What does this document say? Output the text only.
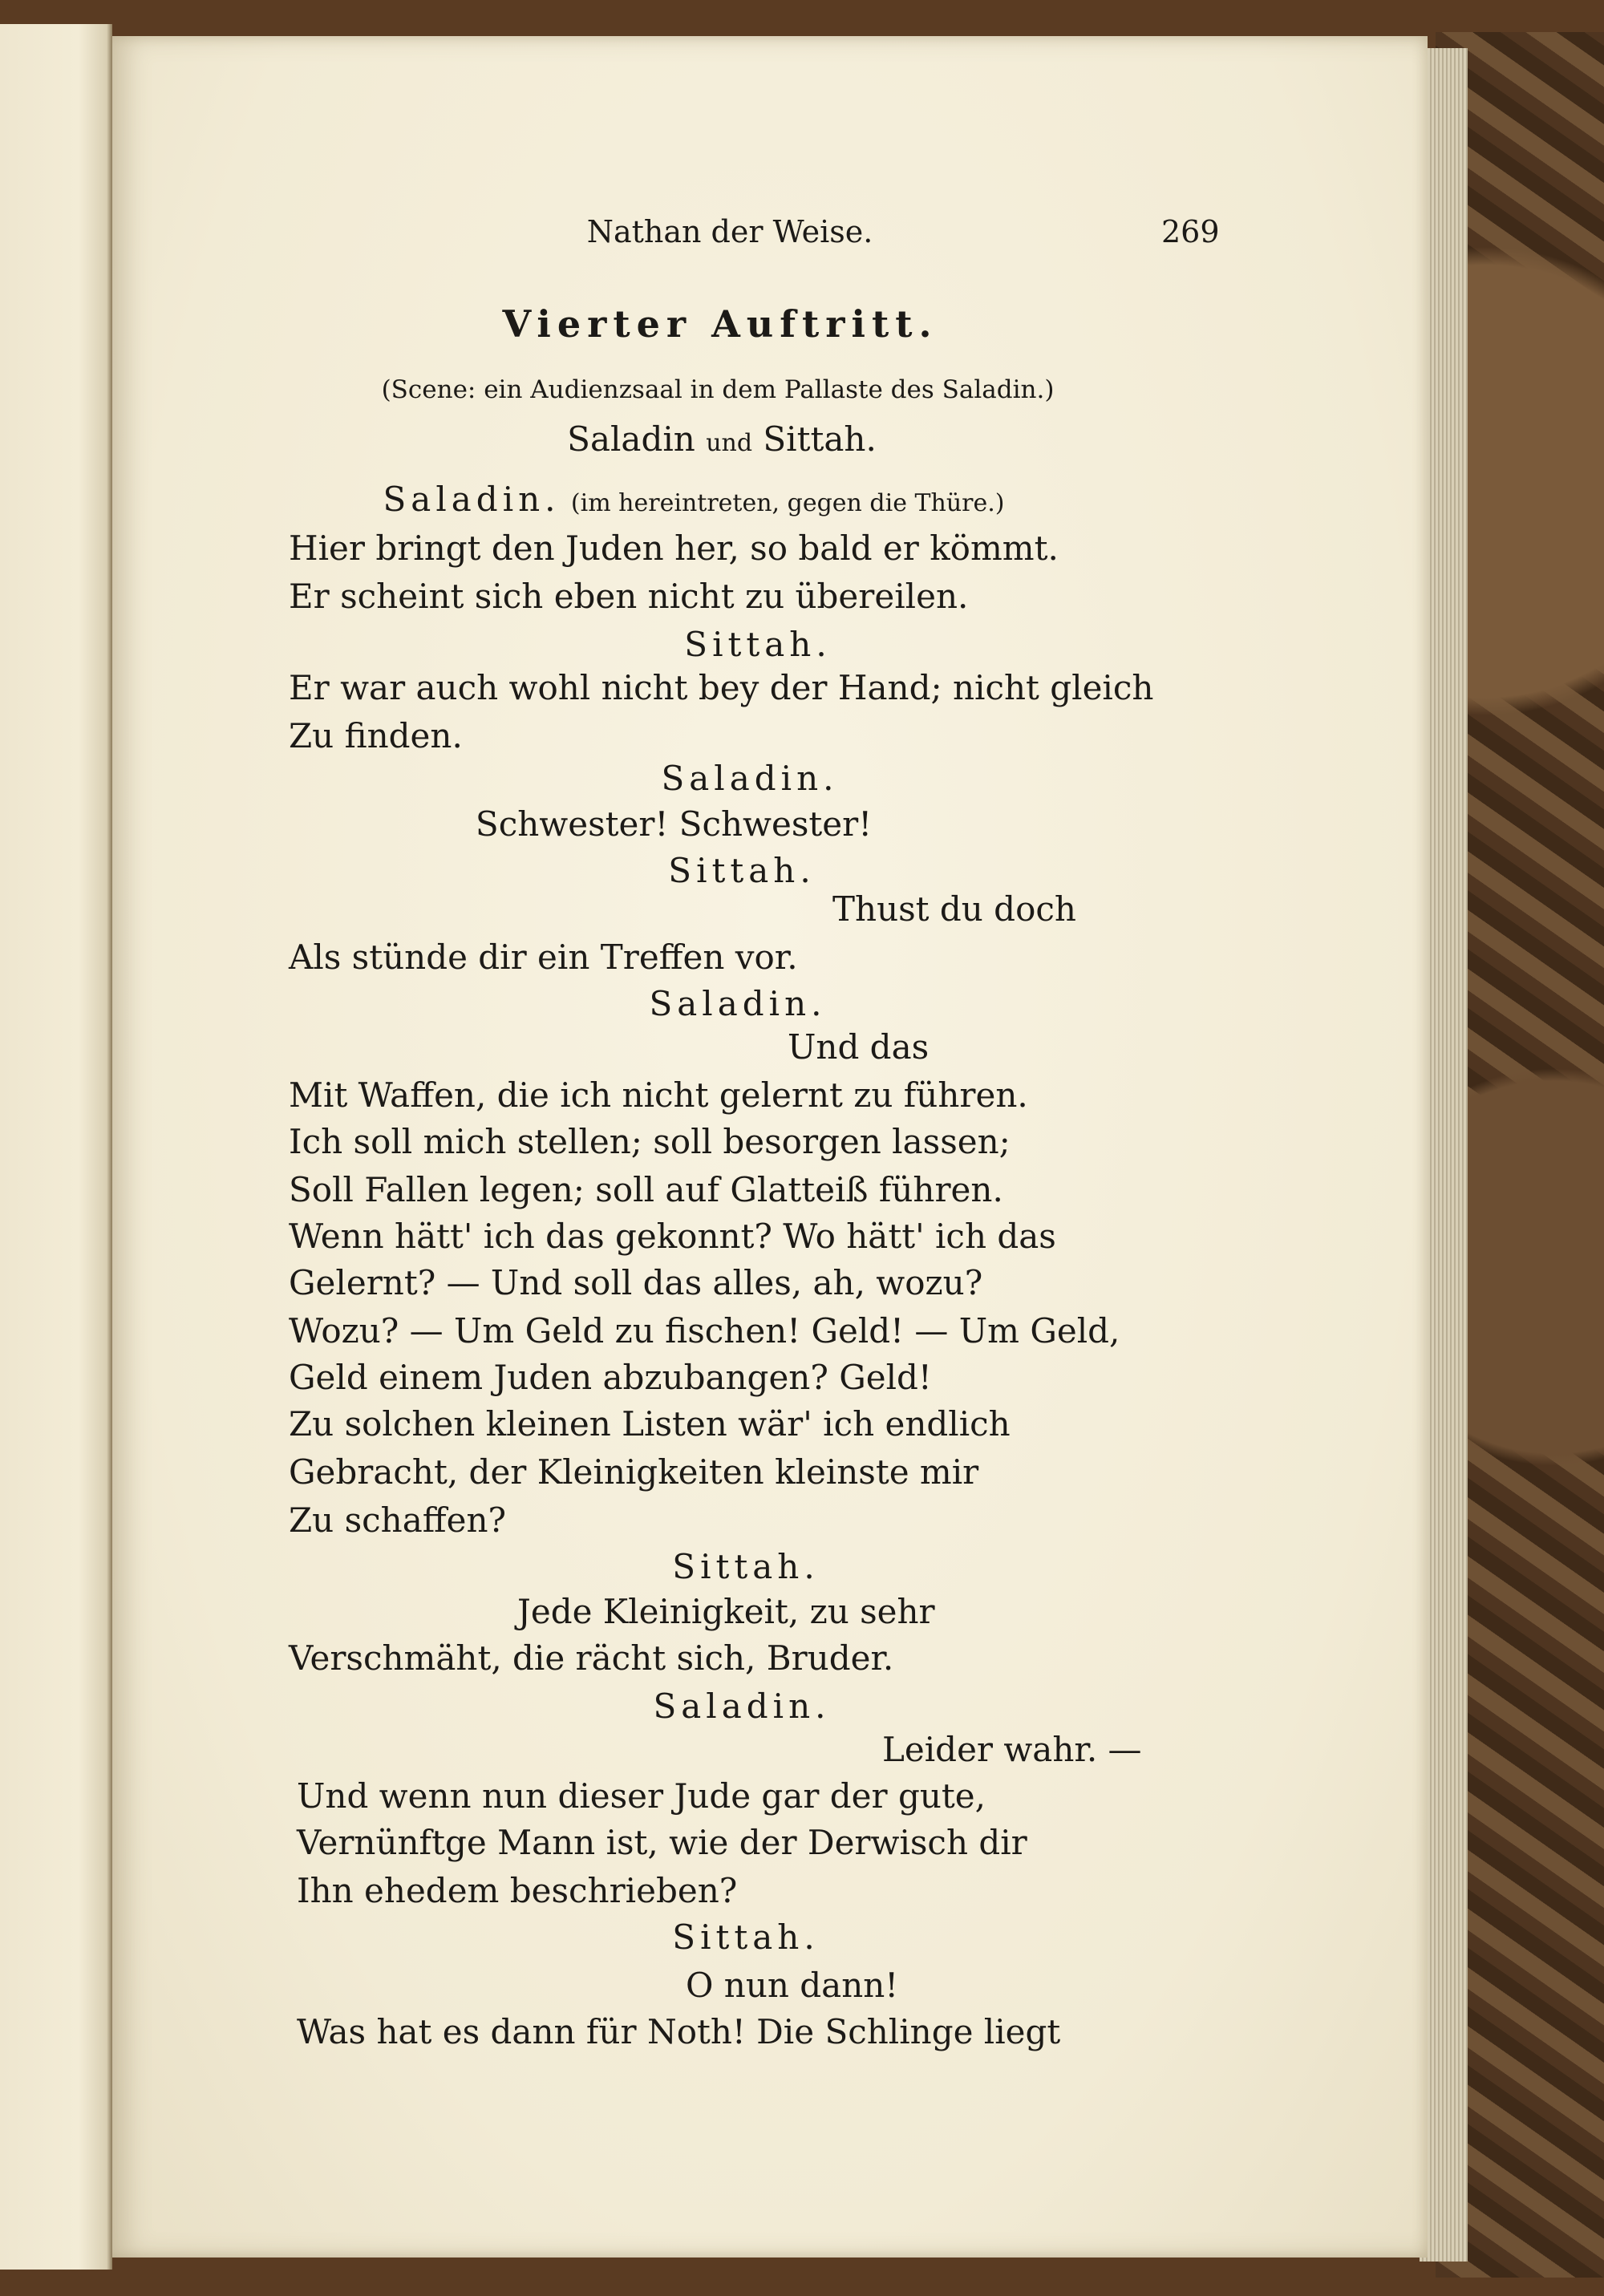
Nathan der Weise.	269
Vierter Auftritt.
(Scene: ein Audienzsaal in dem Pallaste des Saladin.)
Saladin und Sittah.
Saladin. (im hereintreten, gegen die Thüre.)
Hier bringt den Juden her, so bald er kömmt.
Er scheint sich eben nicht zu übereilen.
Sittah.
Er war auch wohl nicht bey der Hand; nicht gleich
Zu finden.
Saladin.
Schwester! Schwester!
Sittah.
Thust du doch
Als stünde dir ein Treffen vor.
Saladin.
Und das
Mit Waffen, die ich nicht gelernt zu führen.
Ich soll mich stellen; soll besorgen lassen;
Soll Fallen legen; soll auf Glatteiß führen.
Wenn hätt' ich das gekonnt? Wo hätt' ich das
Gelernt? — Und soll das alles, ah, wozu?
Wozu? — Um Geld zu fischen! Geld! — Um Geld,
Geld einem Juden abzubangen? Geld!
Zu solchen kleinen Listen wär' ich endlich
Gebracht, der Kleinigkeiten kleinste mir
Zu schaffen?
Sittah.
Jede Kleinigkeit, zu sehr
Verschmäht, die rächt sich, Bruder.
Saladin.
Leider wahr. —
Und wenn nun dieser Jude gar der gute,
Vernünftge Mann ist, wie der Derwisch dir
Ihn ehedem beschrieben?
Sittah.
O nun dann!
Was hat es dann für Noth! Die Schlinge liegt
